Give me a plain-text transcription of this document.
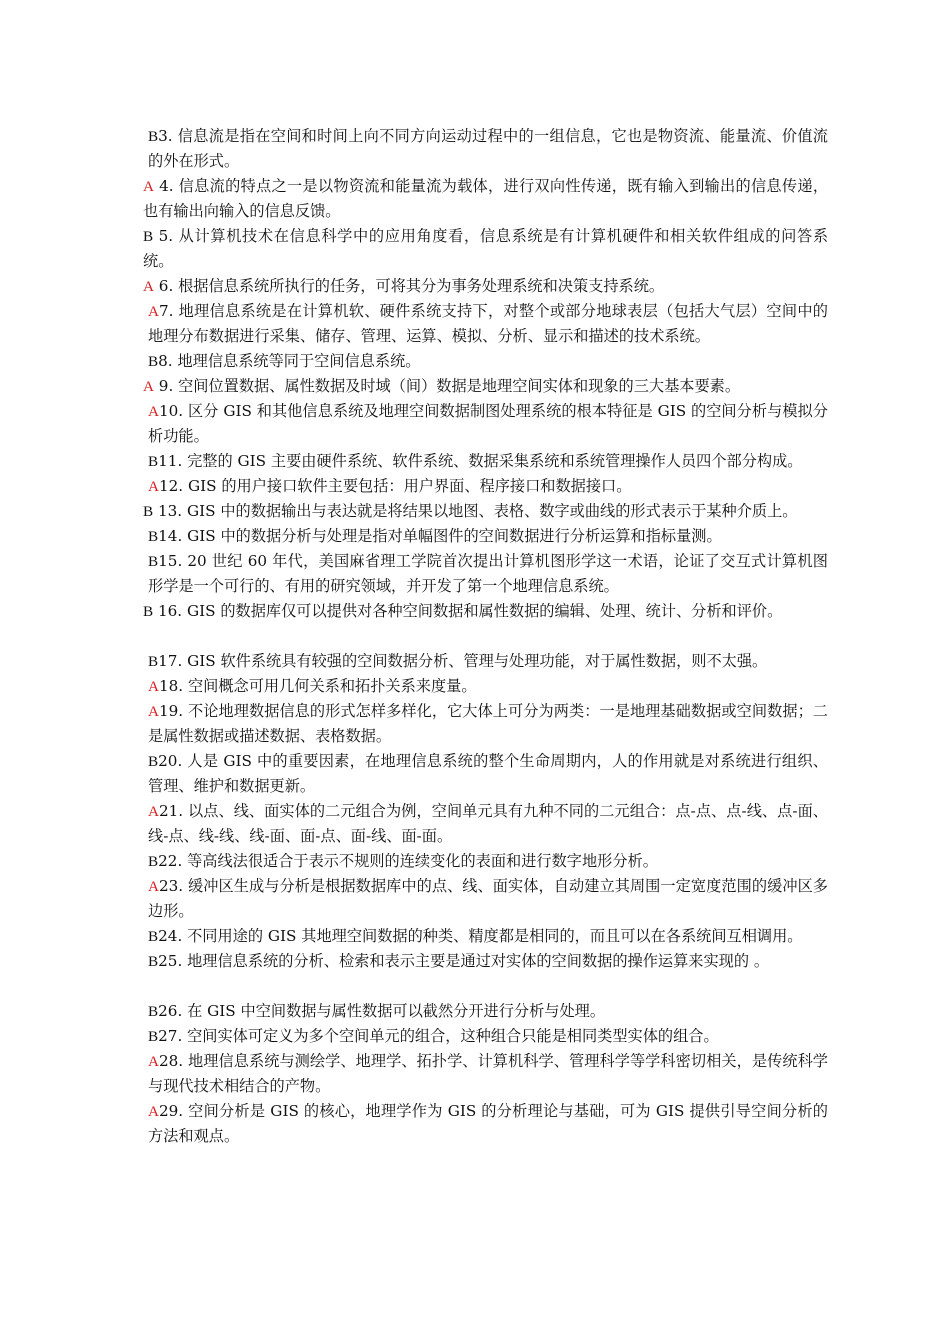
B3. 信息流是指在空间和时间上向不同方向运动过程中的一组信息，它也是物资流、能量流、价值流的外在形式。

A 4. 信息流的特点之一是以物资流和能量流为载体，进行双向性传递，既有输入到输出的信息传递，也有输出向输入的信息反馈。

B 5. 从计算机技术在信息科学中的应用角度看，信息系统是有计算机硬件和相关软件组成的问答系统。

A 6. 根据信息系统所执行的任务，可将其分为事务处理系统和决策支持系统。

A7. 地理信息系统是在计算机软、硬件系统支持下，对整个或部分地球表层（包括大气层）空间中的地理分布数据进行采集、储存、管理、运算、模拟、分析、显示和描述的技术系统。

B8. 地理信息系统等同于空间信息系统。

A 9. 空间位置数据、属性数据及时域（间）数据是地理空间实体和现象的三大基本要素。

A10. 区分 GIS 和其他信息系统及地理空间数据制图处理系统的根本特征是 GIS 的空间分析与模拟分析功能。

B11. 完整的 GIS 主要由硬件系统、软件系统、数据采集系统和系统管理操作人员四个部分构成。

A12. GIS 的用户接口软件主要包括：用户界面、程序接口和数据接口。

B 13. GIS 中的数据输出与表达就是将结果以地图、表格、数字或曲线的形式表示于某种介质上。

B14. GIS 中的数据分析与处理是指对单幅图件的空间数据进行分析运算和指标量测。

B15. 20 世纪 60 年代，美国麻省理工学院首次提出计算机图形学这一术语，论证了交互式计算机图形学是一个可行的、有用的研究领域，并开发了第一个地理信息系统。

B 16. GIS 的数据库仅可以提供对各种空间数据和属性数据的编辑、处理、统计、分析和评价。

B17. GIS 软件系统具有较强的空间数据分析、管理与处理功能，对于属性数据，则不太强。

A18. 空间概念可用几何关系和拓扑关系来度量。

A19. 不论地理数据信息的形式怎样多样化，它大体上可分为两类：一是地理基础数据或空间数据；二是属性数据或描述数据、表格数据。

B20. 人是 GIS 中的重要因素，在地理信息系统的整个生命周期内，人的作用就是对系统进行组织、管理、维护和数据更新。

A21. 以点、线、面实体的二元组合为例，空间单元具有九种不同的二元组合：点-点、点-线、点-面、线-点、线-线、线-面、面-点、面-线、面-面。

B22. 等高线法很适合于表示不规则的连续变化的表面和进行数字地形分析。

A23. 缓冲区生成与分析是根据数据库中的点、线、面实体，自动建立其周围一定宽度范围的缓冲区多边形。

B24. 不同用途的 GIS 其地理空间数据的种类、精度都是相同的，而且可以在各系统间互相调用。

B25. 地理信息系统的分析、检索和表示主要是通过对实体的空间数据的操作运算来实现的 。

B26. 在 GIS 中空间数据与属性数据可以截然分开进行分析与处理。

B27. 空间实体可定义为多个空间单元的组合，这种组合只能是相同类型实体的组合。

A28. 地理信息系统与测绘学、地理学、拓扑学、计算机科学、管理科学等学科密切相关，是传统科学与现代技术相结合的产物。

A29. 空间分析是 GIS 的核心，地理学作为 GIS 的分析理论与基础，可为 GIS 提供引导空间分析的方法和观点。
